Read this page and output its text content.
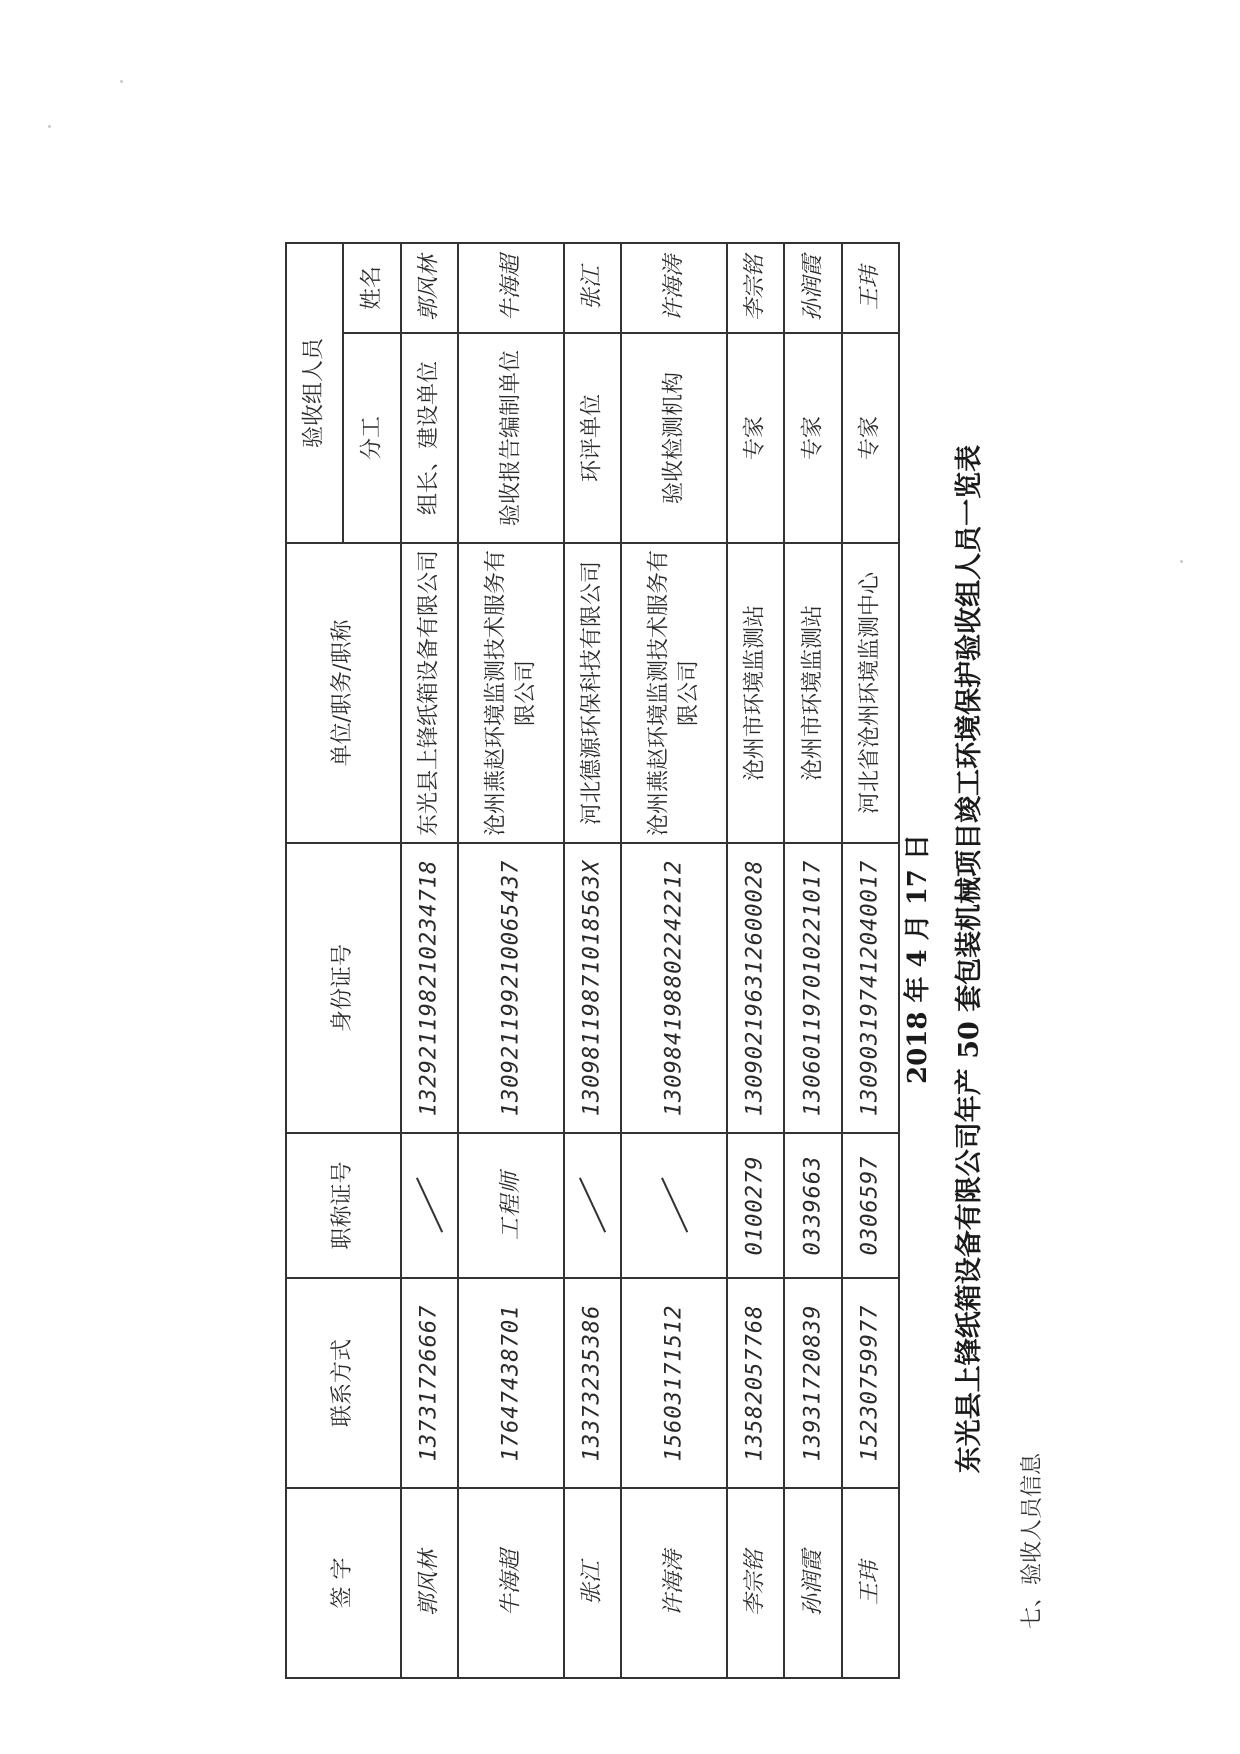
七、验收人员信息
东光县上锋纸箱设备有限公司年产 50 套包装机械项目竣工环境保护验收组人员一览表
2018 年 4 月 17 日
王玮	专家	河北省沧州环境监测中心	130903197412040017	0306597	15230759977	王玮
孙润霞	专家	沧州市环境监测站	130601197010221017	0339663	13931720839	孙润霞
李宗铭	专家	沧州市环境监测站	130902196312600028	0100279	13582057768	李宗铭
许海涛	验收检测机构	沧州燕赵环境监测技术服务有限公司	130984198802242212		15603171512	许海涛
张江	环评单位	河北德源环保科技有限公司	13098119871018563X		13373235386	张江
牛海超	验收报告编制单位	沧州燕赵环境监测技术服务有限公司	130921199210065437	工程师	17647438701	牛海超
郭风林	组长、建设单位	东光县上锋纸箱设备有限公司	132921198210234718		13731726667	郭风林
姓名	分工	单位/职务/职称	身份证号	职称证号	联系方式	签 字
验收组人员						
